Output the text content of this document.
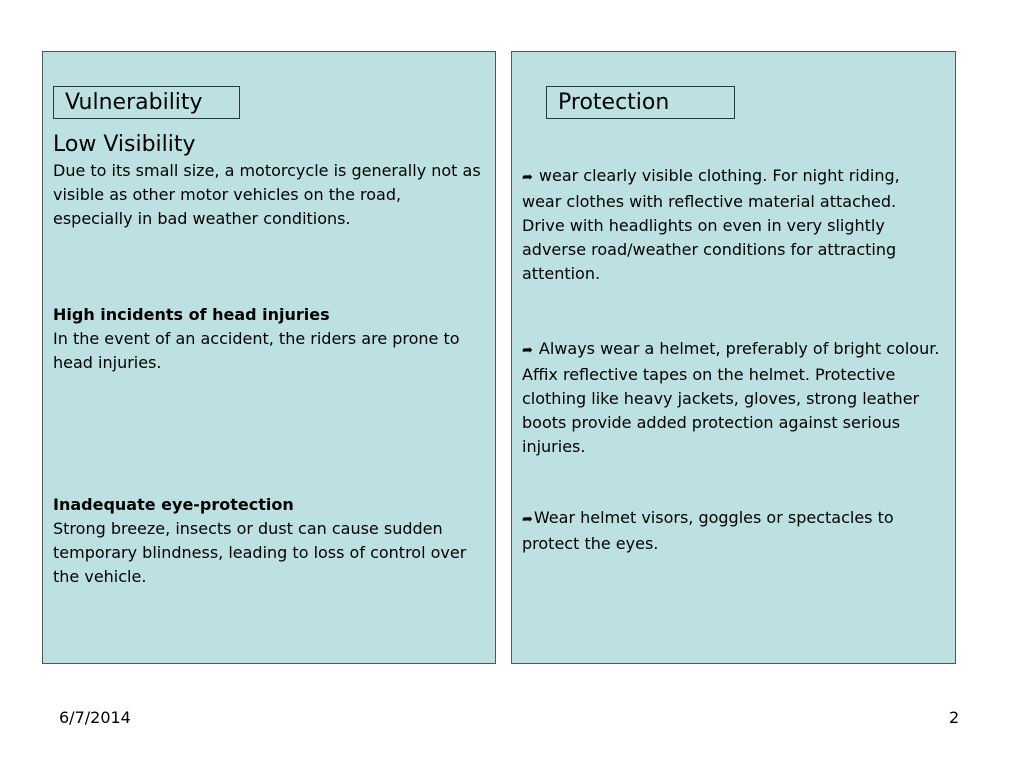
Vulnerability
Low Visibility
Due to its small size, a motorcycle is generally not as visible as other motor vehicles on the road, especially in bad weather conditions.
High incidents of head injuries
In the event of an accident, the riders are prone to head injuries.
Inadequate eye-protection
Strong breeze, insects or dust can cause sudden temporary blindness, leading to loss of control over the vehicle.
Protection
➦ wear clearly visible clothing. For night riding, wear clothes with reflective material attached. Drive with headlights on even in very slightly adverse road/weather conditions for attracting attention.
➦ Always wear a helmet, preferably of bright colour. Affix reflective tapes on the helmet. Protective clothing like heavy jackets, gloves, strong leather boots provide added protection against serious injuries.
➦Wear helmet visors, goggles or spectacles to protect the eyes.
6/7/2014	2
